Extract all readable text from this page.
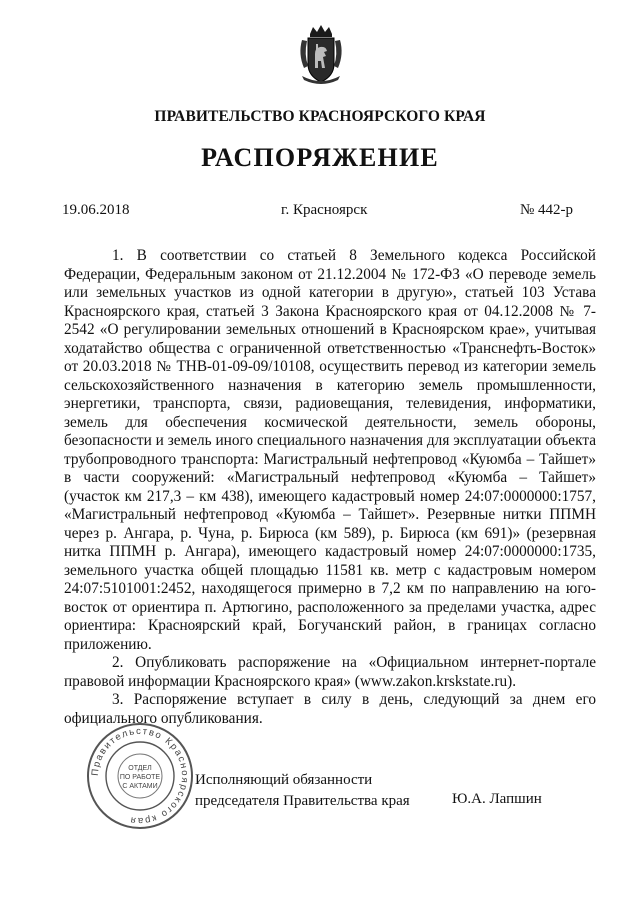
ПРАВИТЕЛЬСТВО КРАСНОЯРСКОГО КРАЯ
РАСПОРЯЖЕНИЕ
19.06.2018	г. Красноярск	№ 442-р

1. В соответствии со статьей 8 Земельного кодекса Российской Федерации, Федеральным законом от 21.12.2004 № 172-ФЗ «О переводе земель или земельных участков из одной категории в другую», статьей 103 Устава Красноярского края, статьей 3 Закона Красноярского края от 04.12.2008 № 7-2542 «О регулировании земельных отношений в Красноярском крае», учитывая ходатайство общества с ограниченной ответственностью «Транснефть-Восток» от 20.03.2018 № ТНВ-01-09-09/10108, осуществить перевод из категории земель сельскохозяйственного назначения в категорию земель промышленности, энергетики, транспорта, связи, радиовещания, телевидения, информатики, земель для обеспечения космической деятельности, земель обороны, безопасности и земель иного специального назначения для эксплуатации объекта трубопроводного транспорта: Магистральный нефтепровод «Куюмба – Тайшет» в части сооружений: «Магистральный нефтепровод «Куюмба – Тайшет» (участок км 217,3 – км 438), имеющего кадастровый номер 24:07:0000000:1757, «Магистральный нефтепровод «Куюмба – Тайшет». Резервные нитки ППМН через р. Ангара, р. Чуна, р. Бирюса (км 589), р. Бирюса (км 691)» (резервная нитка ППМН р. Ангара), имеющего кадастровый номер 24:07:0000000:1735, земельного участка общей площадью 11581 кв. метр с кадастровым номером 24:07:5101001:2452, находящегося примерно в 7,2 км по направлению на юго-восток от ориентира п. Артюгино, расположенного за пределами участка, адрес ориентира: Красноярский край, Богучанский район, в границах согласно приложению.

2. Опубликовать распоряжение на «Официальном интернет-портале правовой информации Красноярского края» (www.zakon.krskstate.ru).

3. Распоряжение вступает в силу в день, следующий за днем его официального опубликования.

Правительство Красноярского края
ОТДЕЛ
ПО РАБОТЕ
С АКТАМИ Исполняющий обязанности
председателя Правительства края	Ю.А. Лапшин
